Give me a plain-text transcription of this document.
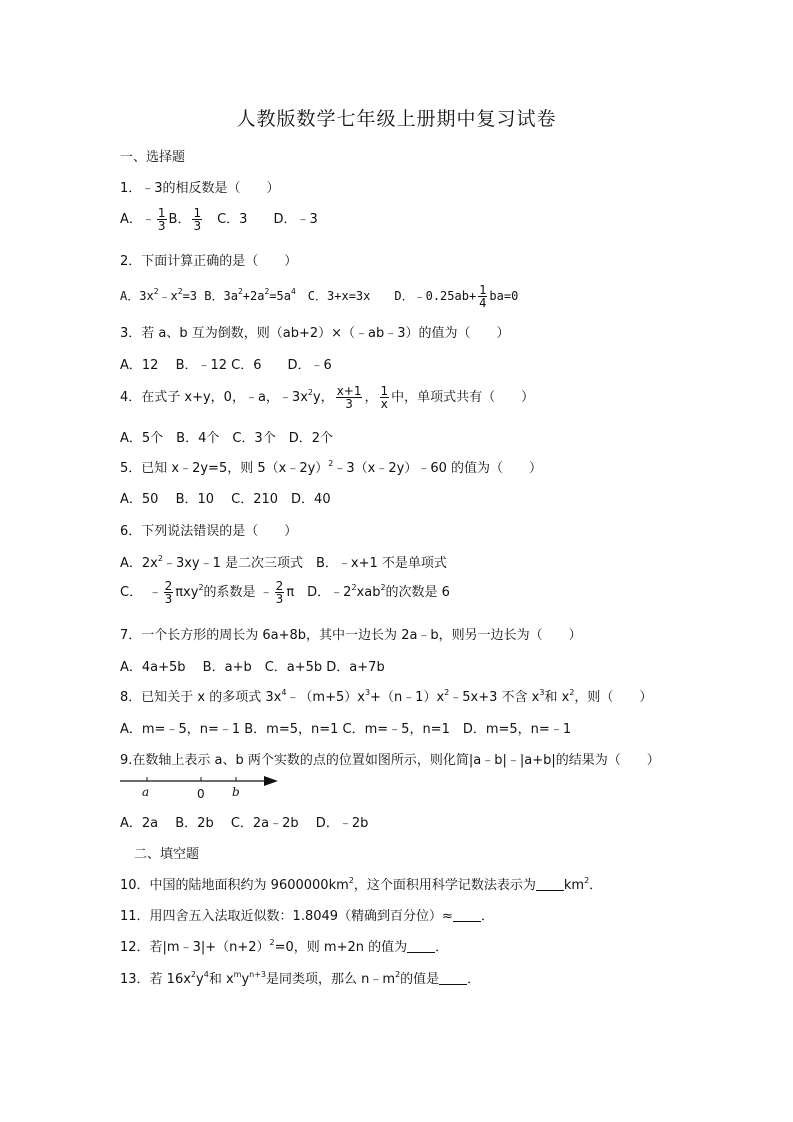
人教版数学七年级上册期中复习试卷
一、选择题
1．﹣3的相反数是（　　）
A．﹣ $\frac{1}{3}$ B． $\frac{1}{3}$ 　C．3　　D．﹣3
2．下面计算正确的是（　　）
A．$3x^2﹣x^2=3$ B．$3a^2+2a^2=5a^4$　C．3+x=3x　　D．﹣0.25ab+ $\frac{1}{4} ba=0$
3．若 a、b 互为倒数，则（ab+2）×（﹣ab﹣3）的值为（　　）
A．12　 B．﹣12 C．6　　D．﹣6
4．在式子 x+y，0，﹣a，$﹣3x^2y$， $\frac{x+1}{3}$ ， $\frac{1}{x}$ 中，单项式共有（　　）
A．5个　B．4个　C．3个　D．2个
5．已知 x﹣2y=5，则 5（x﹣2y）$^2$﹣3（x﹣2y）﹣60 的值为（　　）
A．50　 B．10　 C．210　D．40
6．下列说法错误的是（　　）
A．$2x^2﹣3xy﹣1$ 是二次三项式　B．﹣x+1 不是单项式
C．　﹣ $\frac{2}{3} \pi xy^2$的系数是 ﹣ $\frac{2}{3}$ π　D．$﹣2^2xab^2$的次数是 6
7．一个长方形的周长为 6a+8b，其中一边长为 2a﹣b，则另一边长为（　　）
A．4a+5b　 B．a+b　C．a+5b D．a+7b
8．已知关于 x 的多项式 $3x^4﹣(m+5)x^3+(n﹣1)x^2﹣5x+3$ 不含 $x^3$和 $x^2$，则（　　）
A．m=﹣5，n=﹣1 B．m=5，n=1 C．m=﹣5，n=1　D．m=5，n=﹣1
9.在数轴上表示 a、b 两个实数的点的位置如图所示，则化简|a﹣b|﹣|a+b|的结果为（　　）
a	0 b
A．2a　 B．2b　 C．2a﹣2b　 D．﹣2b
二、填空题
10．中国的陆地面积约为 $9600000km^2$，这个面积用科学记数法表示为 $km^2$．
11．用四舍五入法取近似数：1.8049（精确到百分位）≈ ．
12．若$|m﹣3|+(n+2)^2=0$，则 m+2n 的值为 ．
13．若 $16x^2y^4$和 $x^my^{n+3}$是同类项，那么 $n﹣m^2$的值是 ．
